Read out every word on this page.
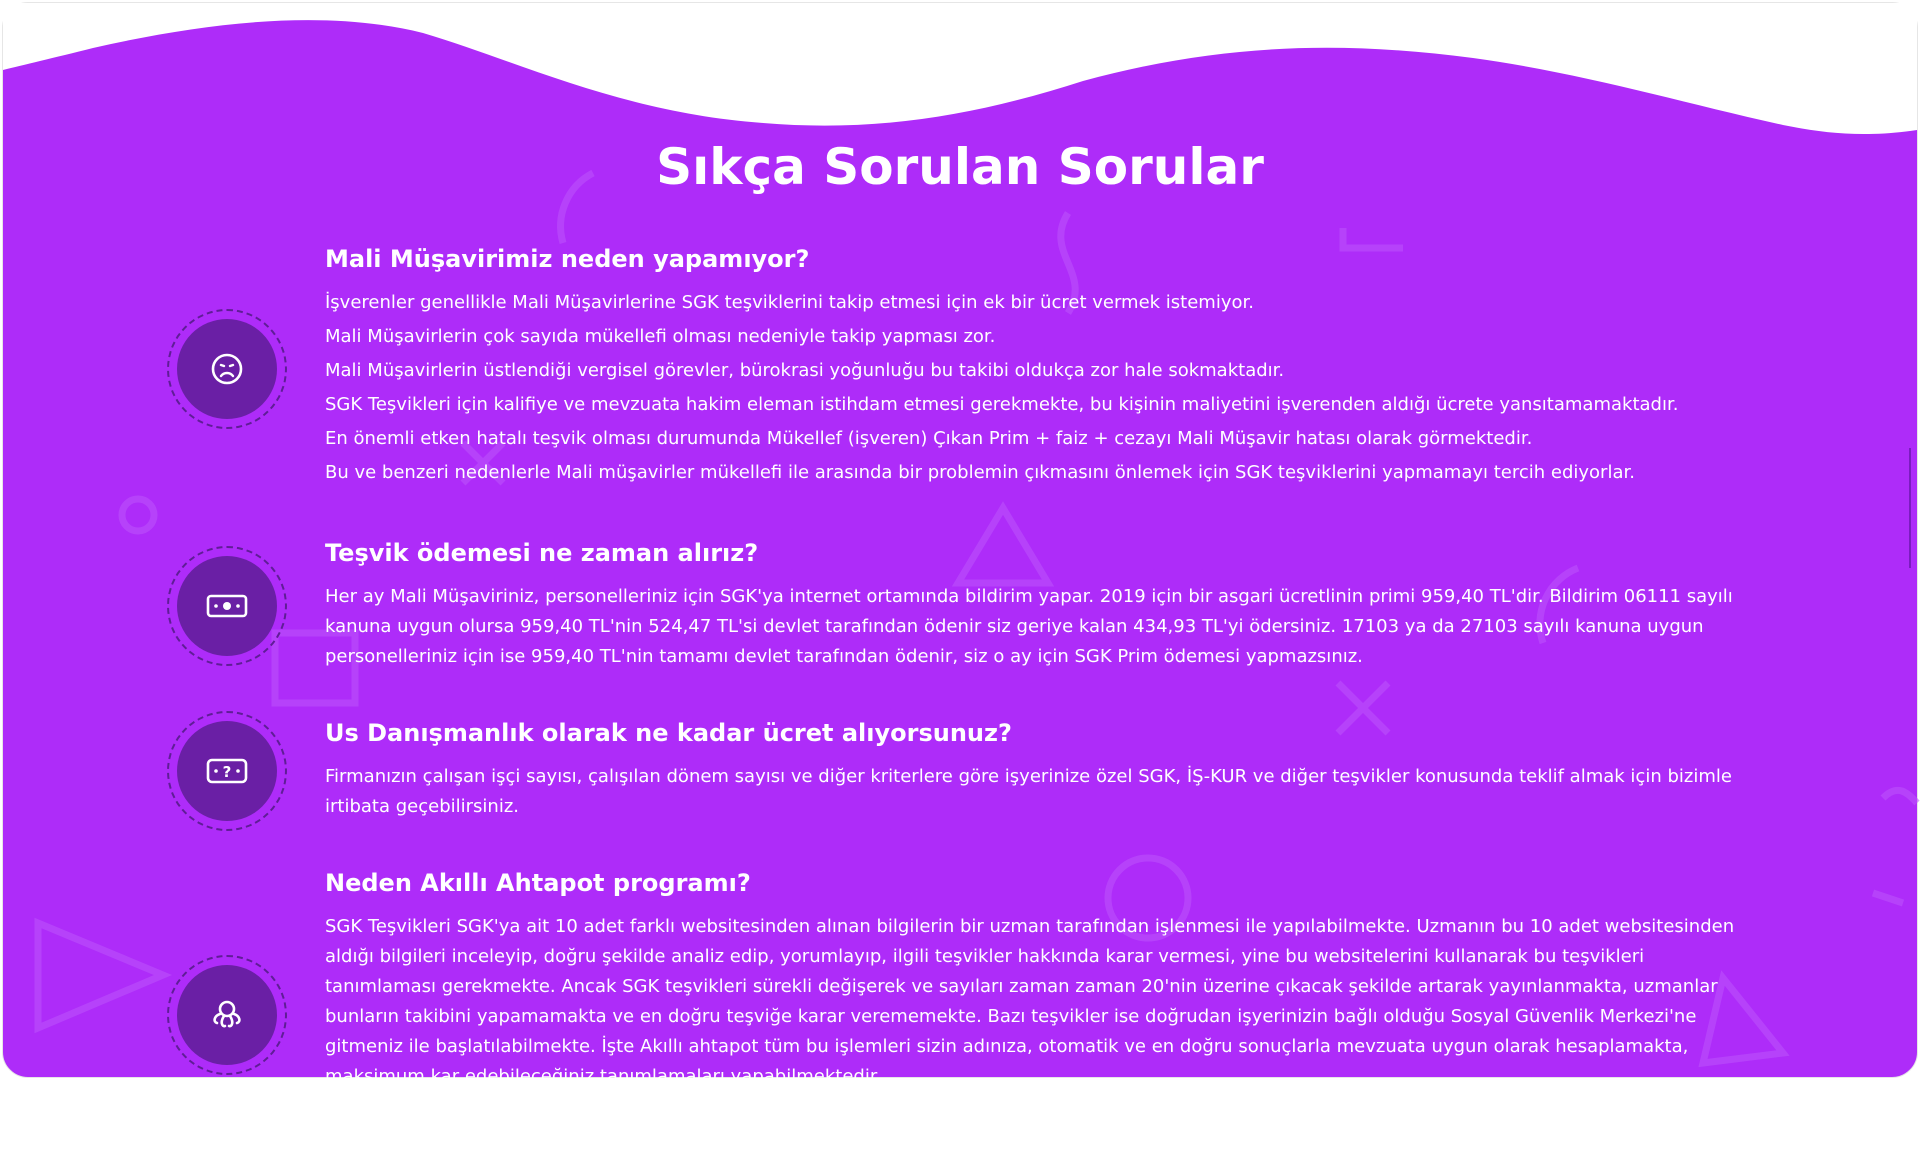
Sıkça Sorulan Sorular
Mali Müşavirimiz neden yapamıyor?

İşverenler genellikle Mali Müşavirlerine SGK teşviklerini takip etmesi için ek bir ücret vermek istemiyor.

Mali Müşavirlerin çok sayıda mükellefi olması nedeniyle takip yapması zor.

Mali Müşavirlerin üstlendiği vergisel görevler, bürokrasi yoğunluğu bu takibi oldukça zor hale sokmaktadır.

SGK Teşvikleri için kalifiye ve mevzuata hakim eleman istihdam etmesi gerekmekte, bu kişinin maliyetini işverenden aldığı ücrete yansıtamamaktadır.

En önemli etken hatalı teşvik olması durumunda Mükellef (işveren) Çıkan Prim + faiz + cezayı Mali Müşavir hatası olarak görmektedir.

Bu ve benzeri nedenlerle Mali müşavirler mükellefi ile arasında bir problemin çıkmasını önlemek için SGK teşviklerini yapmamayı tercih ediyorlar.

Teşvik ödemesi ne zaman alırız?

Her ay Mali Müşaviriniz, personelleriniz için SGK'ya internet ortamında bildirim yapar. 2019 için bir asgari ücretlinin primi 959,40 TL'dir. Bildirim 06111 sayılı kanuna uygun olursa 959,40 TL'nin 524,47 TL'si devlet tarafından ödenir siz geriye kalan 434,93 TL'yi ödersiniz. 17103 ya da 27103 sayılı kanuna uygun personelleriniz için ise 959,40 TL'nin tamamı devlet tarafından ödenir, siz o ay için SGK Prim ödemesi yapmazsınız.

?
Us Danışmanlık olarak ne kadar ücret alıyorsunuz?

Firmanızın çalışan işçi sayısı, çalışılan dönem sayısı ve diğer kriterlere göre işyerinize özel SGK, İŞ-KUR ve diğer teşvikler konusunda teklif almak için bizimle irtibata geçebilirsiniz.

Neden Akıllı Ahtapot programı?

SGK Teşvikleri SGK'ya ait 10 adet farklı websitesinden alınan bilgilerin bir uzman tarafından işlenmesi ile yapılabilmekte. Uzmanın bu 10 adet websitesinden aldığı bilgileri inceleyip, doğru şekilde analiz edip, yorumlayıp, ilgili teşvikler hakkında karar vermesi, yine bu websitelerini kullanarak bu teşvikleri tanımlaması gerekmekte. Ancak SGK teşvikleri sürekli değişerek ve sayıları zaman zaman 20'nin üzerine çıkacak şekilde artarak yayınlanmakta, uzmanlar bunların takibini yapamamakta ve en doğru teşviğe karar verememekte. Bazı teşvikler ise doğrudan işyerinizin bağlı olduğu Sosyal Güvenlik Merkezi'ne gitmeniz ile başlatılabilmekte. İşte Akıllı ahtapot tüm bu işlemleri sizin adınıza, otomatik ve en doğru sonuçlarla mevzuata uygun olarak hesaplamakta, maksimum kar edebileceğiniz tanımlamaları yapabilmektedir.

Birden fazla işçinin aynı anda işe girişinde, programımız algoritması ile en uygun kanun maddesine göre olasılık hesaplaması yapmakta, bu sayede size zaman ve
